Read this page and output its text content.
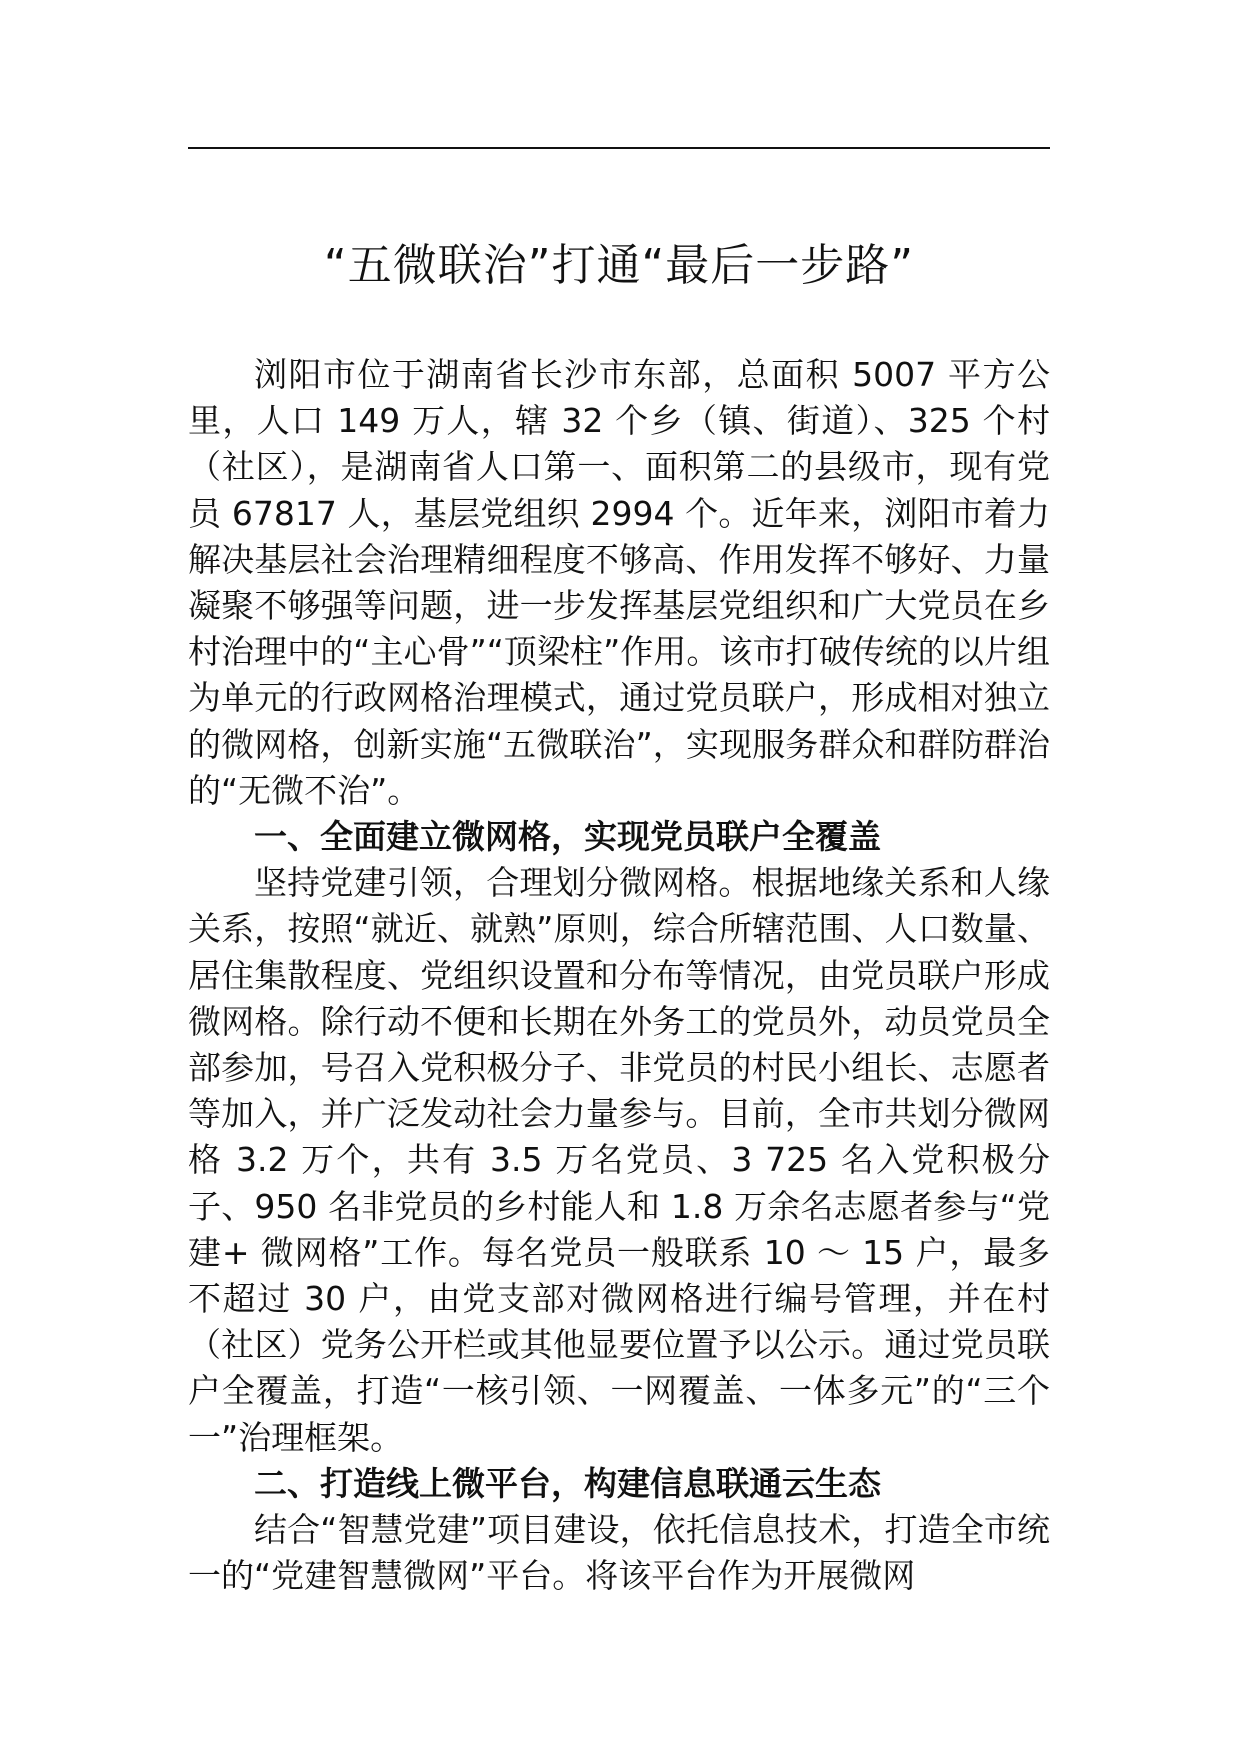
“五微联治”打通“最后一步路”

浏阳市位于湖南省长沙市东部，总面积 5007 平方公里，人口 149 万人，辖 32 个乡（镇、街道）、325 个村（社区），是湖南省人口第一、面积第二的县级市，现有党员 67817 人，基层党组织 2994 个。近年来，浏阳市着力解决基层社会治理精细程度不够高、作用发挥不够好、力量凝聚不够强等问题，进一步发挥基层党组织和广大党员在乡村治理中的“主心骨”“顶梁柱”作用。该市打破传统的以片组为单元的行政网格治理模式，通过党员联户，形成相对独立的微网格，创新实施“五微联治”，实现服务群众和群防群治的“无微不治”。

一、全面建立微网格，实现党员联户全覆盖

坚持党建引领，合理划分微网格。根据地缘关系和人缘关系，按照“就近、就熟”原则，综合所辖范围、人口数量、居住集散程度、党组织设置和分布等情况，由党员联户形成微网格。除行动不便和长期在外务工的党员外，动员党员全部参加，号召入党积极分子、非党员的村民小组长、志愿者等加入，并广泛发动社会力量参与。目前，全市共划分微网格 3.2 万个，共有 3.5 万名党员、3 725 名入党积极分子、950 名非党员的乡村能人和 1.8 万余名志愿者参与“党建+ 微网格”工作。每名党员一般联系 10 ～ 15 户，最多不超过 30 户，由党支部对微网格进行编号管理，并在村（社区）党务公开栏或其他显要位置予以公示。通过党员联户全覆盖，打造“一核引领、一网覆盖、一体多元”的“三个一”治理框架。

二、打造线上微平台，构建信息联通云生态

结合“智慧党建”项目建设，依托信息技术，打造全市统一的“党建智慧微网”平台。将该平台作为开展微网
